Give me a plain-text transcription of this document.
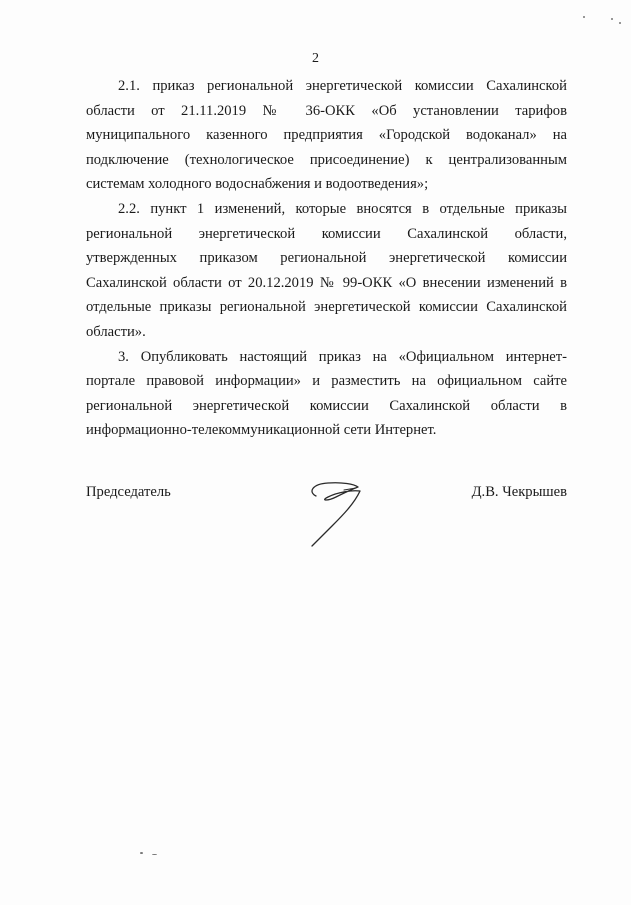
2

2.1. приказ региональной энергетической комиссии Сахалинской области от 21.11.2019 № 36-ОКК «Об установлении тарифов муниципального казенного предприятия «Городской водоканал» на подключение (технологическое присоединение) к централизованным системам холодного водоснабжения и водоотведения»;

2.2. пункт 1 изменений, которые вносятся в отдельные приказы региональной энергетической комиссии Сахалинской области, утвержденных приказом региональной энергетической комиссии Сахалинской области от 20.12.2019 № 99-ОКК «О внесении изменений в отдельные приказы региональной энергетической комиссии Сахалинской области».

3. Опубликовать настоящий приказ на «Официальном интернет-портале правовой информации» и разместить на официальном сайте региональной энергетической комиссии Сахалинской области в информационно-телекоммуникационной сети Интернет.

Председатель	Д.В. Чекрышев
